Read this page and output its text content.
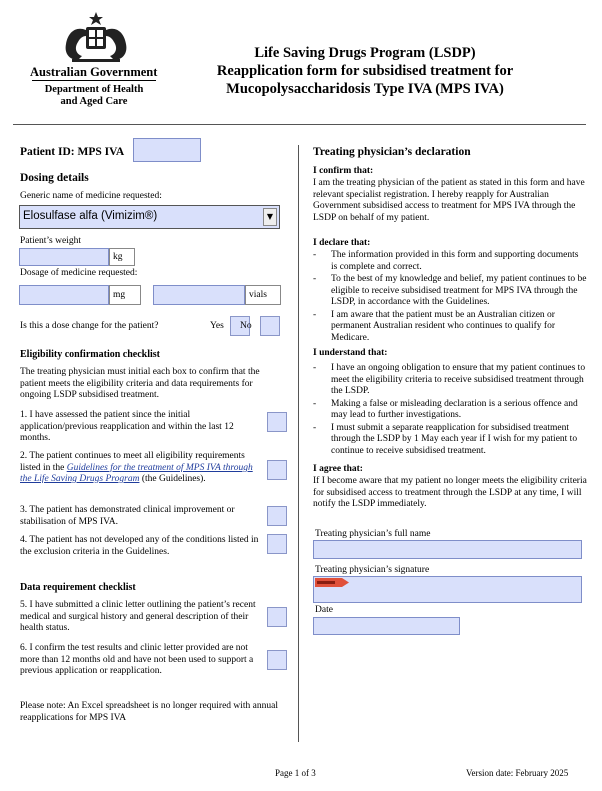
Australian Government
Department of Health
and Aged Care
Life Saving Drugs Program (LSDP)
Reapplication form for subsidised treatment for
Mucopolysaccharidosis Type IVA (MPS IVA)
Patient ID: MPS IVA
Dosing details
Generic name of medicine requested:
Elosulfase alfa (Vimizim®)	▼
Patient’s weight
kg
Dosage of medicine requested:
mg	vials
Is this a dose change for the patient?	Yes No
Eligibility confirmation checklist
The treating physician must initial each box to confirm that the patient meets the eligibility criteria and data requirements for ongoing LSDP subsidised treatment.
1. I have assessed the patient since the initial application/previous reapplication and within the last 12 months.
2. The patient continues to meet all eligibility requirements listed in the Guidelines for the treatment of MPS IVA through the Life Saving Drugs Program (the Guidelines).
3. The patient has demonstrated clinical improvement or stabilisation of MPS IVA.
4. The patient has not developed any of the conditions listed in the exclusion criteria in the Guidelines.
Data requirement checklist
5. I have submitted a clinic letter outlining the patient’s recent medical and surgical history and general description of their health status.
6. I confirm the test results and clinic letter provided are not more than 12 months old and have not been used to support a previous application or reapplication.
Please note: An Excel spreadsheet is no longer required with annual reapplications for MPS IVA
Treating physician’s declaration
I confirm that:
I am the treating physician of the patient as stated in this form and have relevant specialist registration. I hereby reapply for Australian Government subsidised access to treatment for MPS IVA through the LSDP on behalf of my patient.
I declare that:
- The information provided in this form and supporting documents is complete and correct.
- To the best of my knowledge and belief, my patient continues to be eligible to receive subsidised treatment for MPS IVA through the LSDP, in accordance with the Guidelines.
- I am aware that the patient must be an Australian citizen or permanent Australian resident who continues to qualify for Medicare.
I understand that:
- I have an ongoing obligation to ensure that my patient continues to meet the eligibility criteria to receive subsidised treatment through the LSDP.
- Making a false or misleading declaration is a serious offence and may lead to further investigations.
- I must submit a separate reapplication for subsidised treatment through the LSDP by 1 May each year if I wish for my patient to continue to receive subsidised treatment.
I agree that:
If I become aware that my patient no longer meets the eligibility criteria for subsidised access to treatment through the LSDP at any time, I will notify the LSDP immediately.
Treating physician’s full name
Treating physician’s signature
Date
Page 1 of 3	Version date: February 2025
